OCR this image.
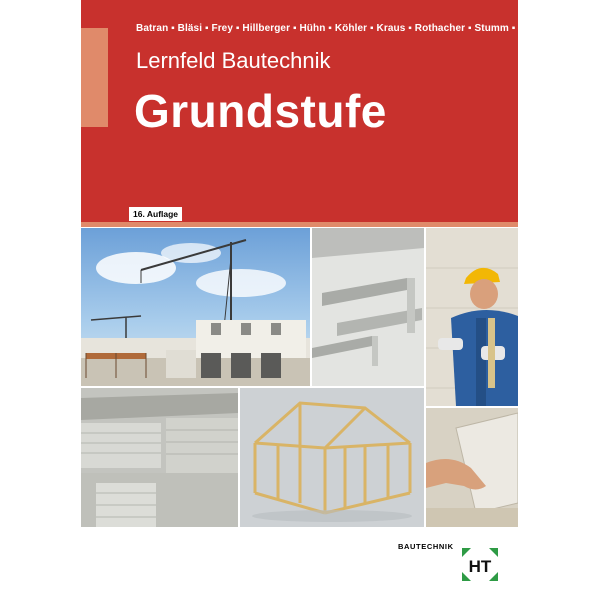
Batran ▪ Bläsi ▪ Frey ▪ Hillberger ▪ Hühn ▪ Köhler ▪ Kraus ▪ Rothacher ▪ Stumm ▪ Weidner
Lernfeld Bautechnik
Grundstufe
16. Auflage
BAUTECHNIK
HT
